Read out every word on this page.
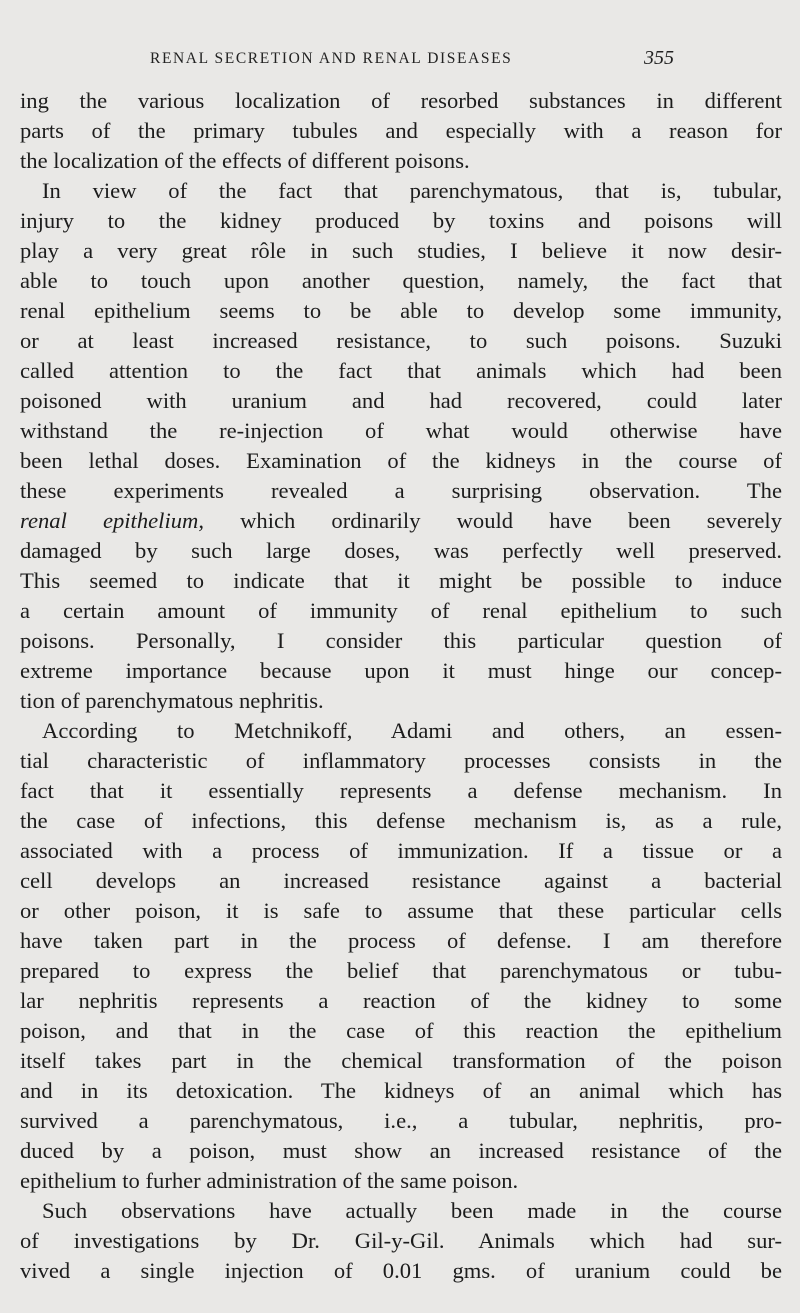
RENAL SECRETION AND RENAL DISEASES	355
ing the various localization of resorbed substances in different
parts of the primary tubules and especially with a reason for
the localization of the effects of different poisons.
In view of the fact that parenchymatous, that is, tubular,
injury to the kidney produced by toxins and poisons will
play a very great rôle in such studies, I believe it now desir-
able to touch upon another question, namely, the fact that
renal epithelium seems to be able to develop some immunity,
or at least increased resistance, to such poisons. Suzuki
called attention to the fact that animals which had been
poisoned with uranium and had recovered, could later
withstand the re-injection of what would otherwise have
been lethal doses. Examination of the kidneys in the course of
these experiments revealed a surprising observation. The
renal epithelium, which ordinarily would have been severely
damaged by such large doses, was perfectly well preserved.
This seemed to indicate that it might be possible to induce
a certain amount of immunity of renal epithelium to such
poisons. Personally, I consider this particular question of
extreme importance because upon it must hinge our concep-
tion of parenchymatous nephritis.
According to Metchnikoff, Adami and others, an essen-
tial characteristic of inflammatory processes consists in the
fact that it essentially represents a defense mechanism. In
the case of infections, this defense mechanism is, as a rule,
associated with a process of immunization. If a tissue or a
cell develops an increased resistance against a bacterial
or other poison, it is safe to assume that these particular cells
have taken part in the process of defense. I am therefore
prepared to express the belief that parenchymatous or tubu-
lar nephritis represents a reaction of the kidney to some
poison, and that in the case of this reaction the epithelium
itself takes part in the chemical transformation of the poison
and in its detoxication. The kidneys of an animal which has
survived a parenchymatous, i.e., a tubular, nephritis, pro-
duced by a poison, must show an increased resistance of the
epithelium to furher administration of the same poison.
Such observations have actually been made in the course
of investigations by Dr. Gil-y-Gil. Animals which had sur-
vived a single injection of 0.01 gms. of uranium could be
